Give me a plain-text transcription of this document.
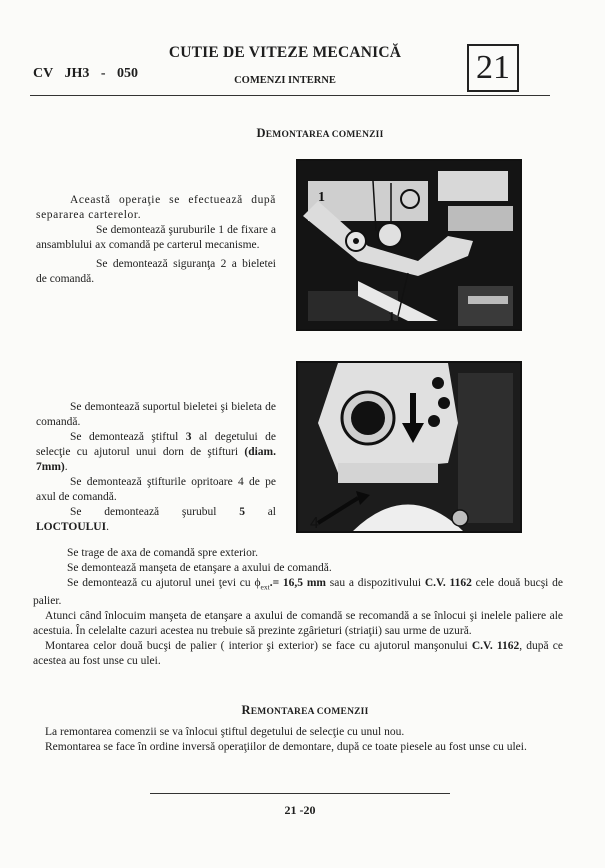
CUTIE DE VITEZE MECANICĂ
CV JH3 - 050	COMENZI INTERNE	21
DEMONTAREA COMENZII

Această operaţie se efectuează după separarea carterelor.

Se demontează şuruburile 1 de fixare a ansamblului ax comandă pe carterul mecanisme.

Se demontează siguranţa 2 a bieletei de comandă.

1
1
4

Se demontează suportul bieletei şi bieleta de comandă.

Se demontează ştiftul 3 al degetului de selecţie cu ajutorul unui dorn de ştifturi (diam. 7mm).

Se demontează ştifturile opritoare 4 de pe axul de comandă.

Se demontează şurubul 5 al LOCTOULUI.

Se trage de axa de comandă spre exterior.

Se demontează manşeta de etanşare a axului de comandă.

Se demontează cu ajutorul unei ţevi cu $\phi_{ext}.= 16,5$ mm sau a dispozitivului C.V. 1162 cele două bucşi de palier.

Atunci când înlocuim manşeta de etanşare a axului de comandă se recomandă a se înlocui şi inelele paliere ale acestuia. În celelalte cazuri acestea nu trebuie să prezinte zgârieturi (striaţii) sau urme de uzură.

Montarea celor două bucşi de palier ( interior şi exterior) se face cu ajutorul manşonului C.V. 1162, după ce acestea au fost unse cu ulei.

REMONTAREA COMENZII

La remontarea comenzii se va înlocui ştiftul degetului de selecţie cu unul nou.

Remontarea se face în ordine inversă operaţiilor de demontare, după ce toate piesele au fost unse cu ulei.

21 -20
